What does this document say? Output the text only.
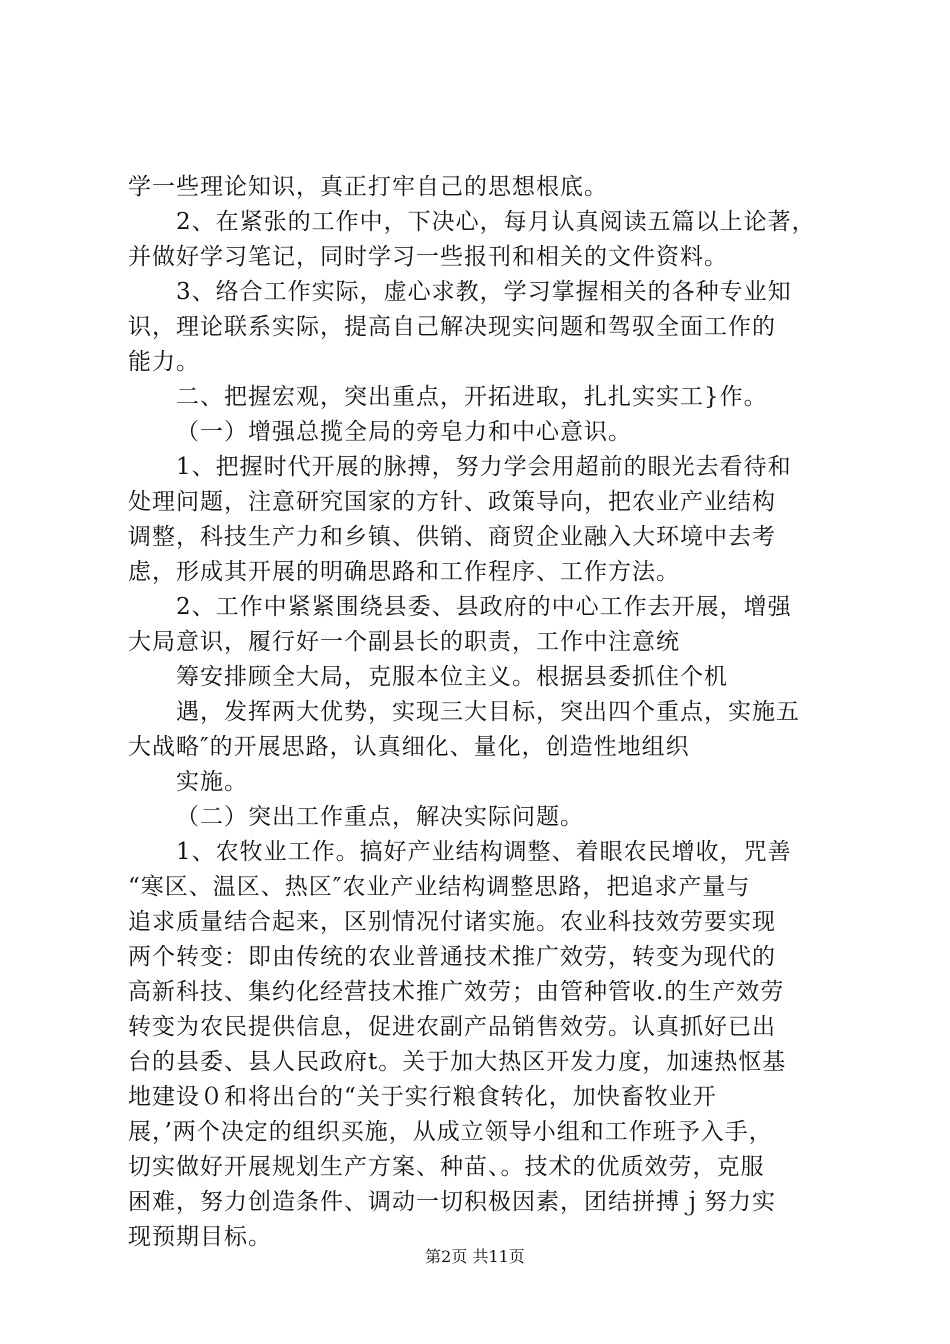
学一些理论知识，真正打牢自己的思想根底。
2、在紧张的工作中，下决心，每月认真阅读五篇以上论著，
并做好学习笔记，同时学习一些报刊和相关的文件资料。
3、络合工作实际，虚心求教，学习掌握相关的各种专业知
识，理论联系实际，提高自己解决现实问题和驾驭全面工作的
能力。
二、把握宏观，突出重点，开拓进取，扎扎实实工}作。
（一）增强总揽全局的旁皂力和中心意识。
1、把握时代开展的脉搏，努力学会用超前的眼光去看待和
处理问题，注意研究国家的方针、政策导向，把农业产业结构
调整，科技生产力和乡镇、供销、商贸企业融入大环境中去考
虑，形成其开展的明确思路和工作程序、工作方法。
2、工作中紧紧围绕县委、县政府的中心工作去开展，增强
大局意识，履行好一个副县长的职责，工作中注意统
筹安排顾全大局，克服本位主义。根据县委抓住个机
遇，发挥两大优势，实现三大目标，突出四个重点，实施五
大战略″的开展思路，认真细化、量化，创造性地组织
实施。
（二）突出工作重点，解决实际问题。
1、农牧业工作。搞好产业结构调整、着眼农民增收，咒善
“寒区、温区、热区″农业产业结构调整思路，把追求产量与
追求质量结合起来，区别情况付诸实施。农业科技效劳要实现
两个转变：即由传统的农业普通技术推广效劳，转变为现代的
高新科技、集约化经营技术推广效劳；由管种管收.的生产效劳
转变为农民提供信息，促进农副产品销售效劳。认真抓好已出
台的县委、县人民政府t。关于加大热区开发力度，加速热怄基
地建设０和将出台的“关于实行粮食转化，加快畜牧业开
展，’两个决定的组织买施，从成立领导小组和工作班予入手，
切实做好开展规划生产方案、种苗、。技术的优质效劳，克服
困难，努力创造条件、调动一切积极因素，团结拼搏ｊ努力实
现预期目标。
第2页 共11页
